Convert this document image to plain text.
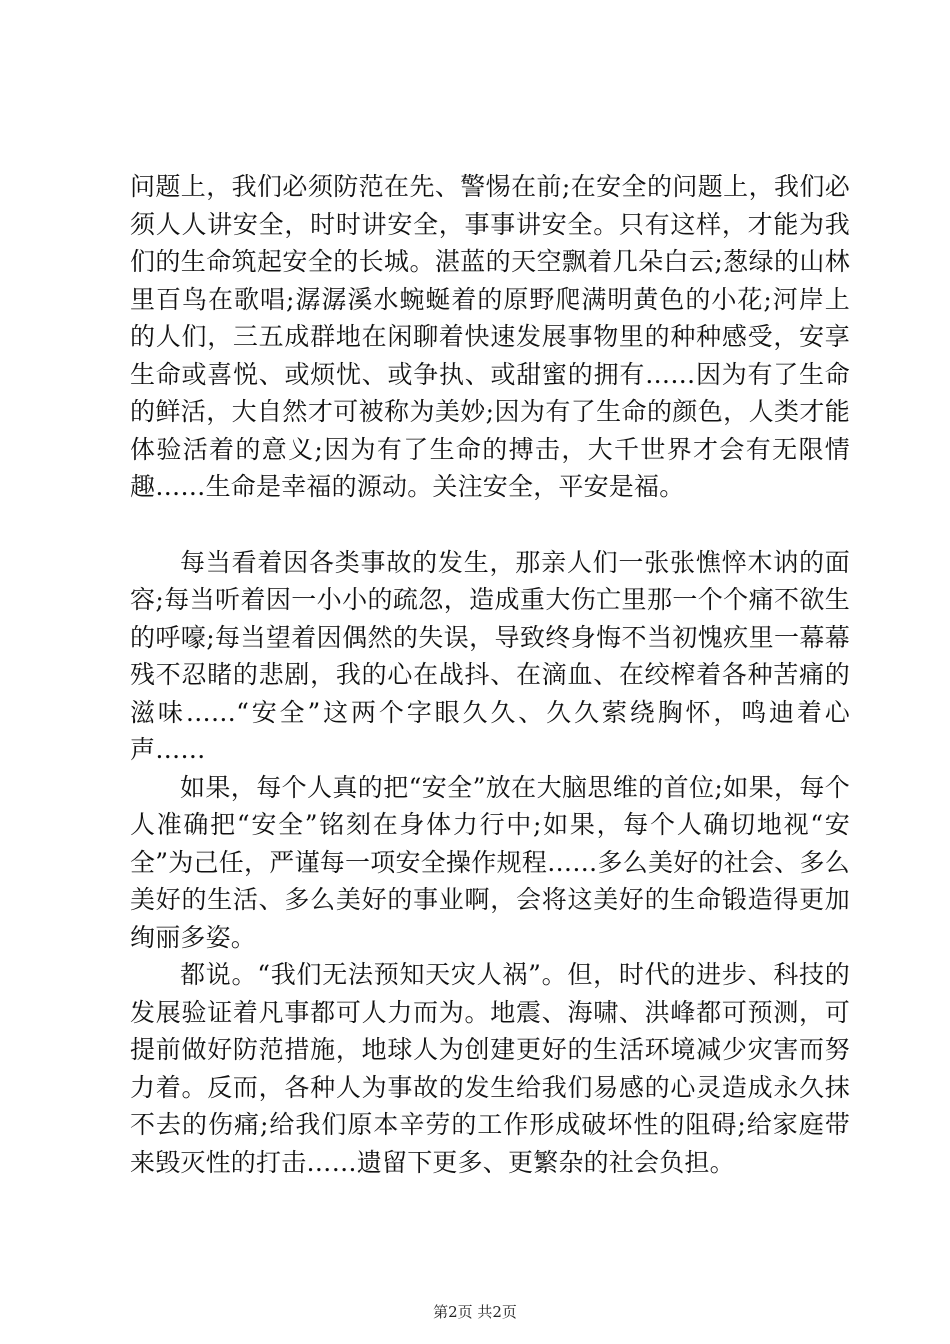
问题上，我们必须防范在先、警惕在前;在安全的问题上，我们必须人人讲安全，时时讲安全，事事讲安全。只有这样，才能为我们的生命筑起安全的长城。湛蓝的天空飘着几朵白云;葱绿的山林里百鸟在歌唱;潺潺溪水蜿蜒着的原野爬满明黄色的小花;河岸上的人们，三五成群地在闲聊着快速发展事物里的种种感受，安享生命或喜悦、或烦忧、或争执、或甜蜜的拥有……因为有了生命的鲜活，大自然才可被称为美妙;因为有了生命的颜色，人类才能体验活着的意义;因为有了生命的搏击，大千世界才会有无限情趣……生命是幸福的源动。关注安全，平安是福。

每当看着因各类事故的发生，那亲人们一张张憔悴木讷的面容;每当听着因一小小的疏忽，造成重大伤亡里那一个个痛不欲生的呼嚎;每当望着因偶然的失误，导致终身悔不当初愧疚里一幕幕残不忍睹的悲剧，我的心在战抖、在滴血、在绞榨着各种苦痛的滋味……“安全”这两个字眼久久、久久萦绕胸怀，鸣迪着心声……

如果，每个人真的把“安全”放在大脑思维的首位;如果，每个人准确把“安全”铭刻在身体力行中;如果，每个人确切地视“安全”为己任，严谨每一项安全操作规程……多么美好的社会、多么美好的生活、多么美好的事业啊，会将这美好的生命锻造得更加绚丽多姿。

都说。“我们无法预知天灾人祸”。但，时代的进步、科技的发展验证着凡事都可人力而为。地震、海啸、洪峰都可预测，可提前做好防范措施，地球人为创建更好的生活环境减少灾害而努力着。反而，各种人为事故的发生给我们易感的心灵造成永久抹不去的伤痛;给我们原本辛劳的工作形成破坏性的阻碍;给家庭带来毁灭性的打击……遗留下更多、更繁杂的社会负担。

第2页 共2页
